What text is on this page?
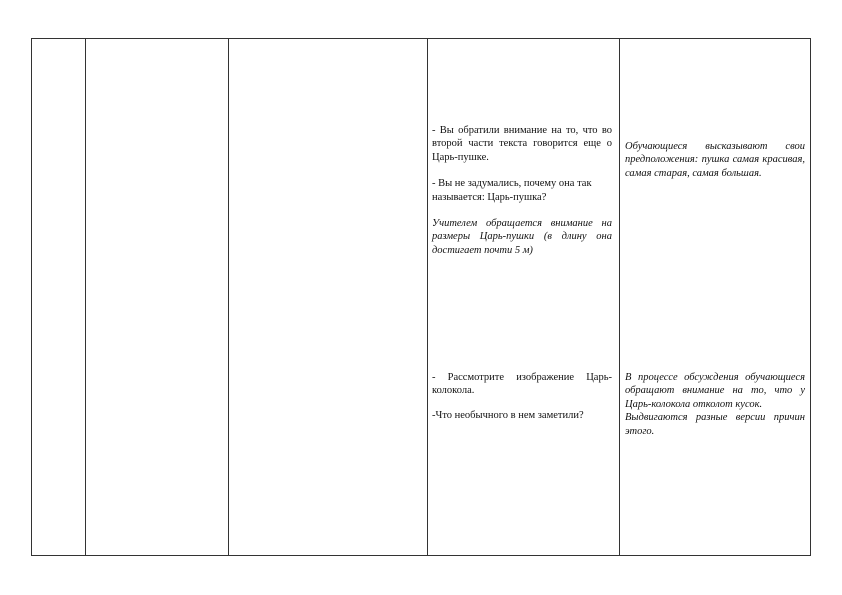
- Вы обратили внимание на то, что во второй части текста говорится еще о Царь-пушке.

- Вы не задумались, почему она так называется: Царь-пушка?

Учителем обращается внимание на размеры Царь-пушки (в длину она достигает почти 5 м)

Обучающиеся высказывают свои предположения: пушка самая красивая, самая старая, самая большая.

- Рассмотрите изображение Царь-колокола.

-Что необычного в нем заметили?

В процессе обсуждения обучающиеся обращают внимание на то, что у Царь-колокола отколот кусок.

Выдвигаются разные версии причин этого.
